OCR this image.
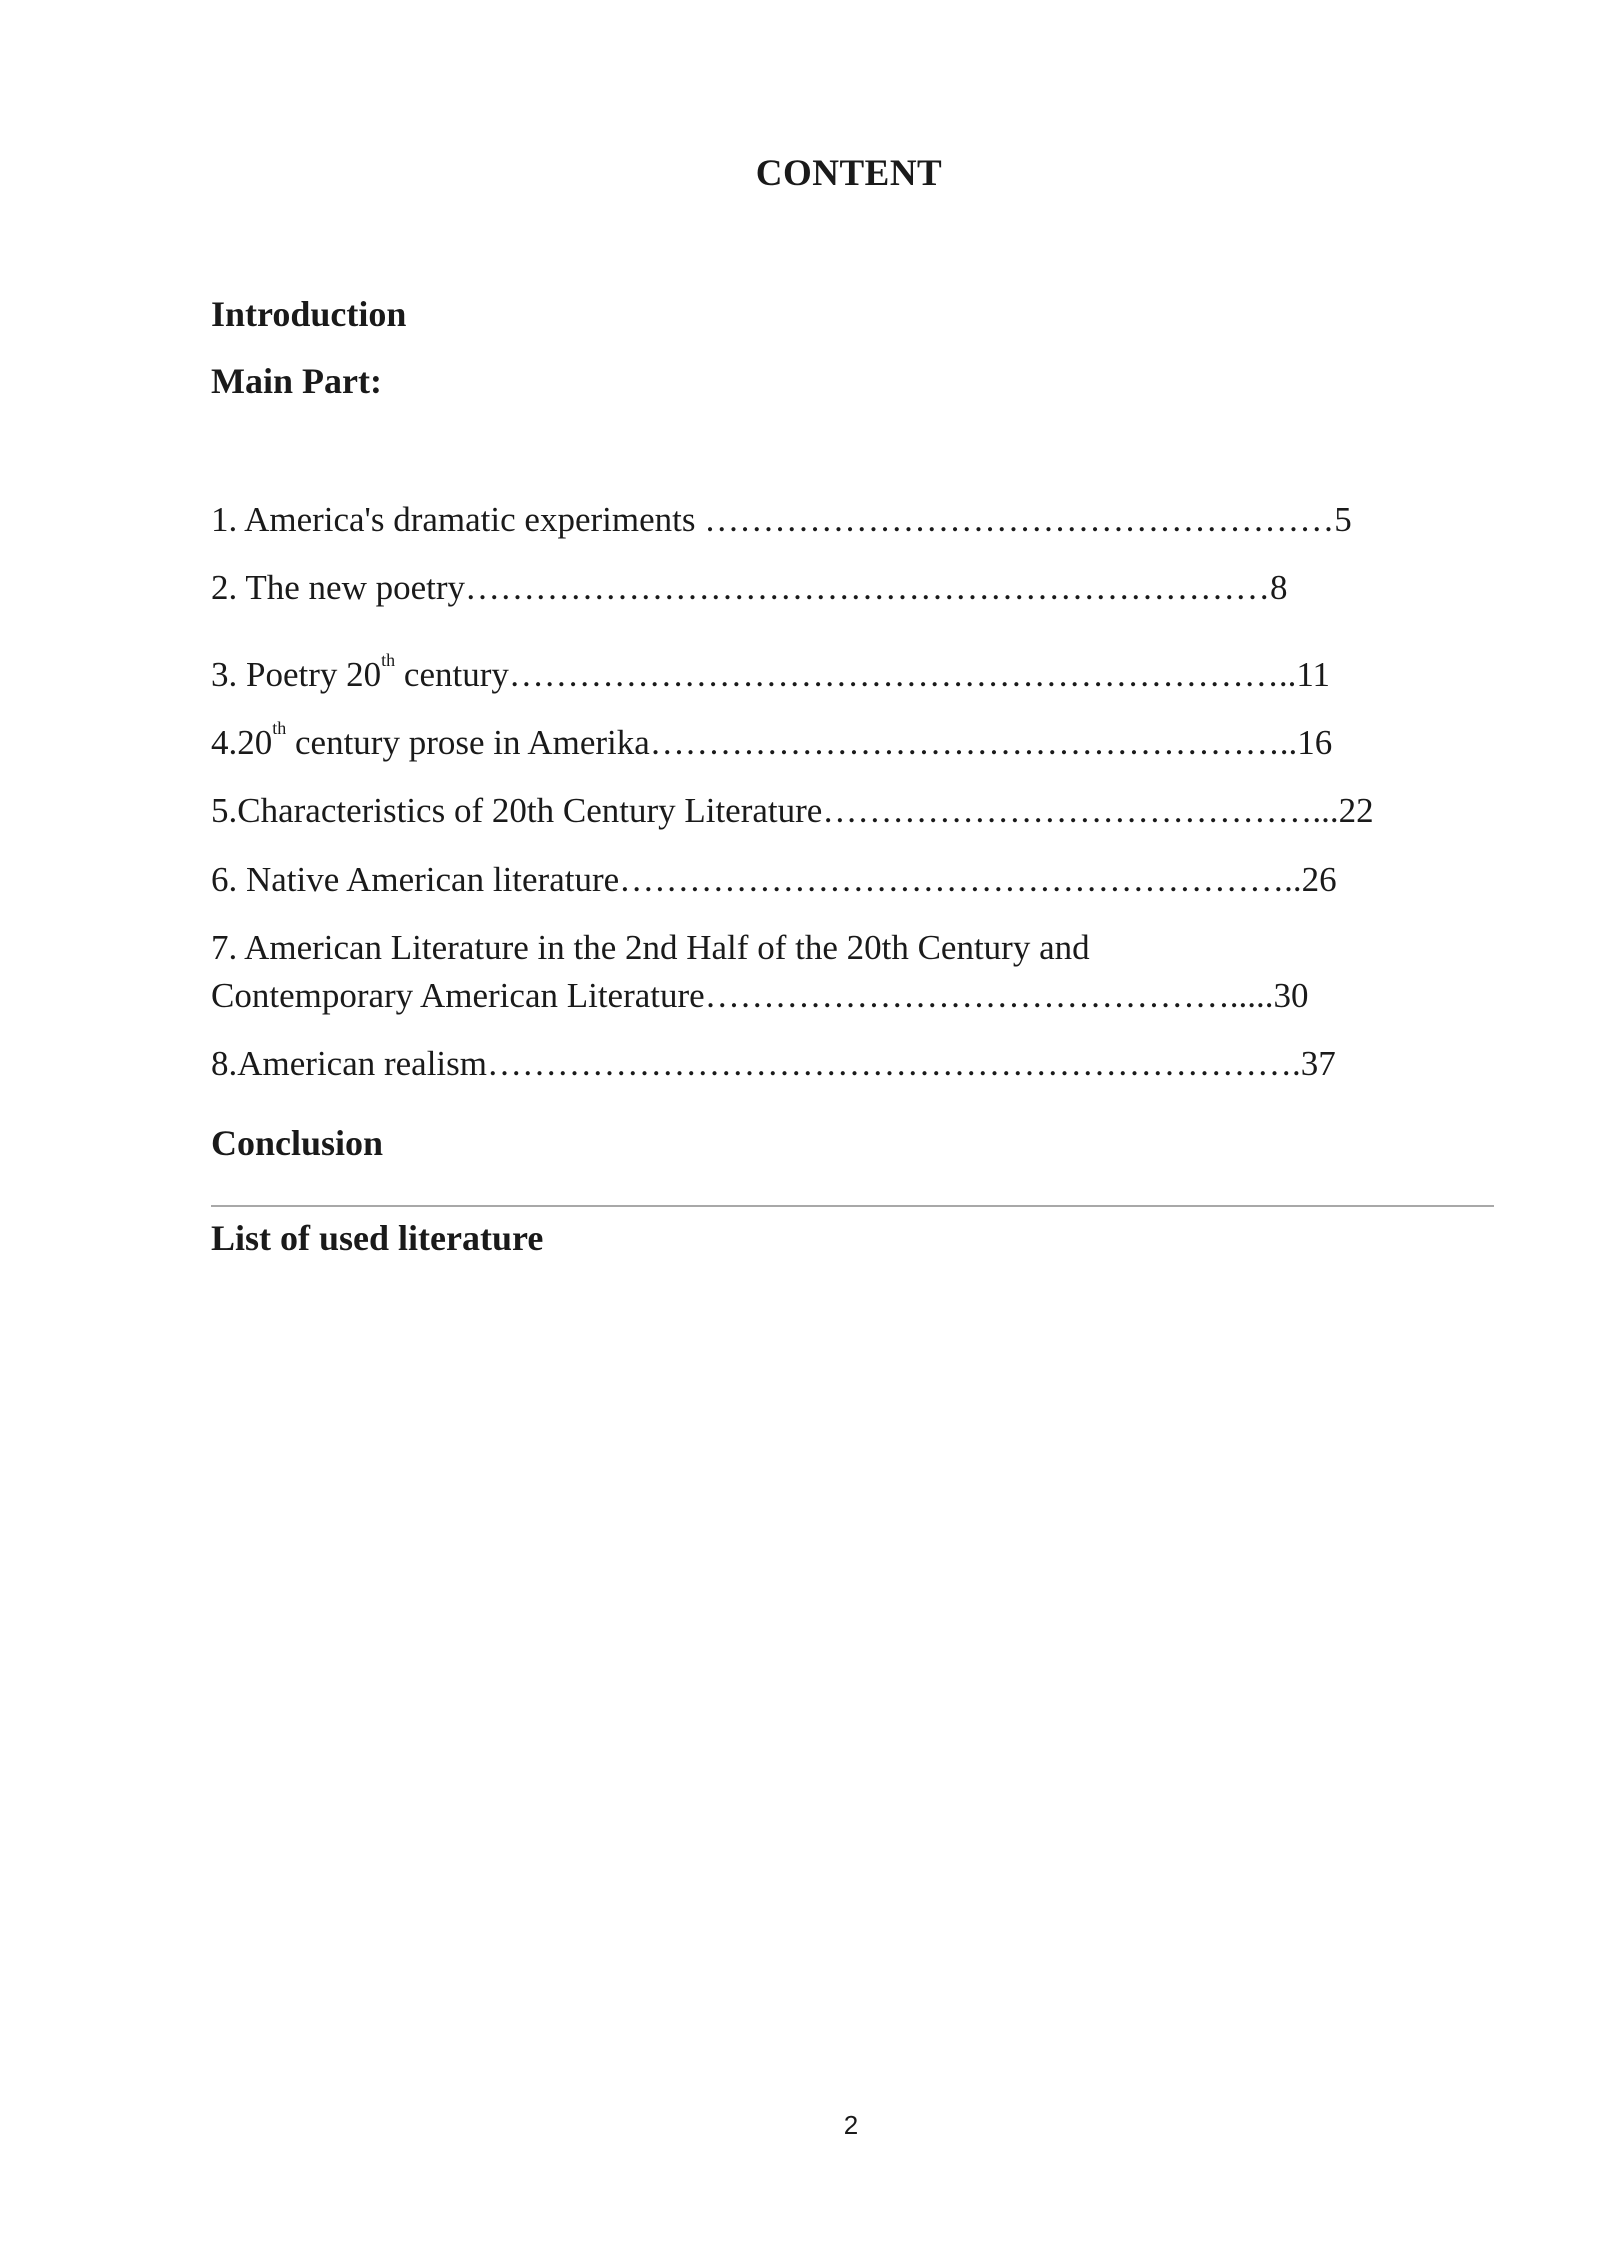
CONTENT
Introduction
Main Part:
1. America's dramatic experiments ………………………………………………5
2. The new poetry……………………………………………………………8
3. Poetry 20th century…………………………………………………………..11
4.20th century prose in Amerika………………………………………………..16
5.Characteristics of 20th Century Literature……………………………………...22
6. Native American literature…………………………………………………..26
7. American Literature in the 2nd Half of the 20th Century and
Contemporary American Literature……………………………………….....30
8.American realism…………………………………………………………….37
Conclusion
List of used literature
2
